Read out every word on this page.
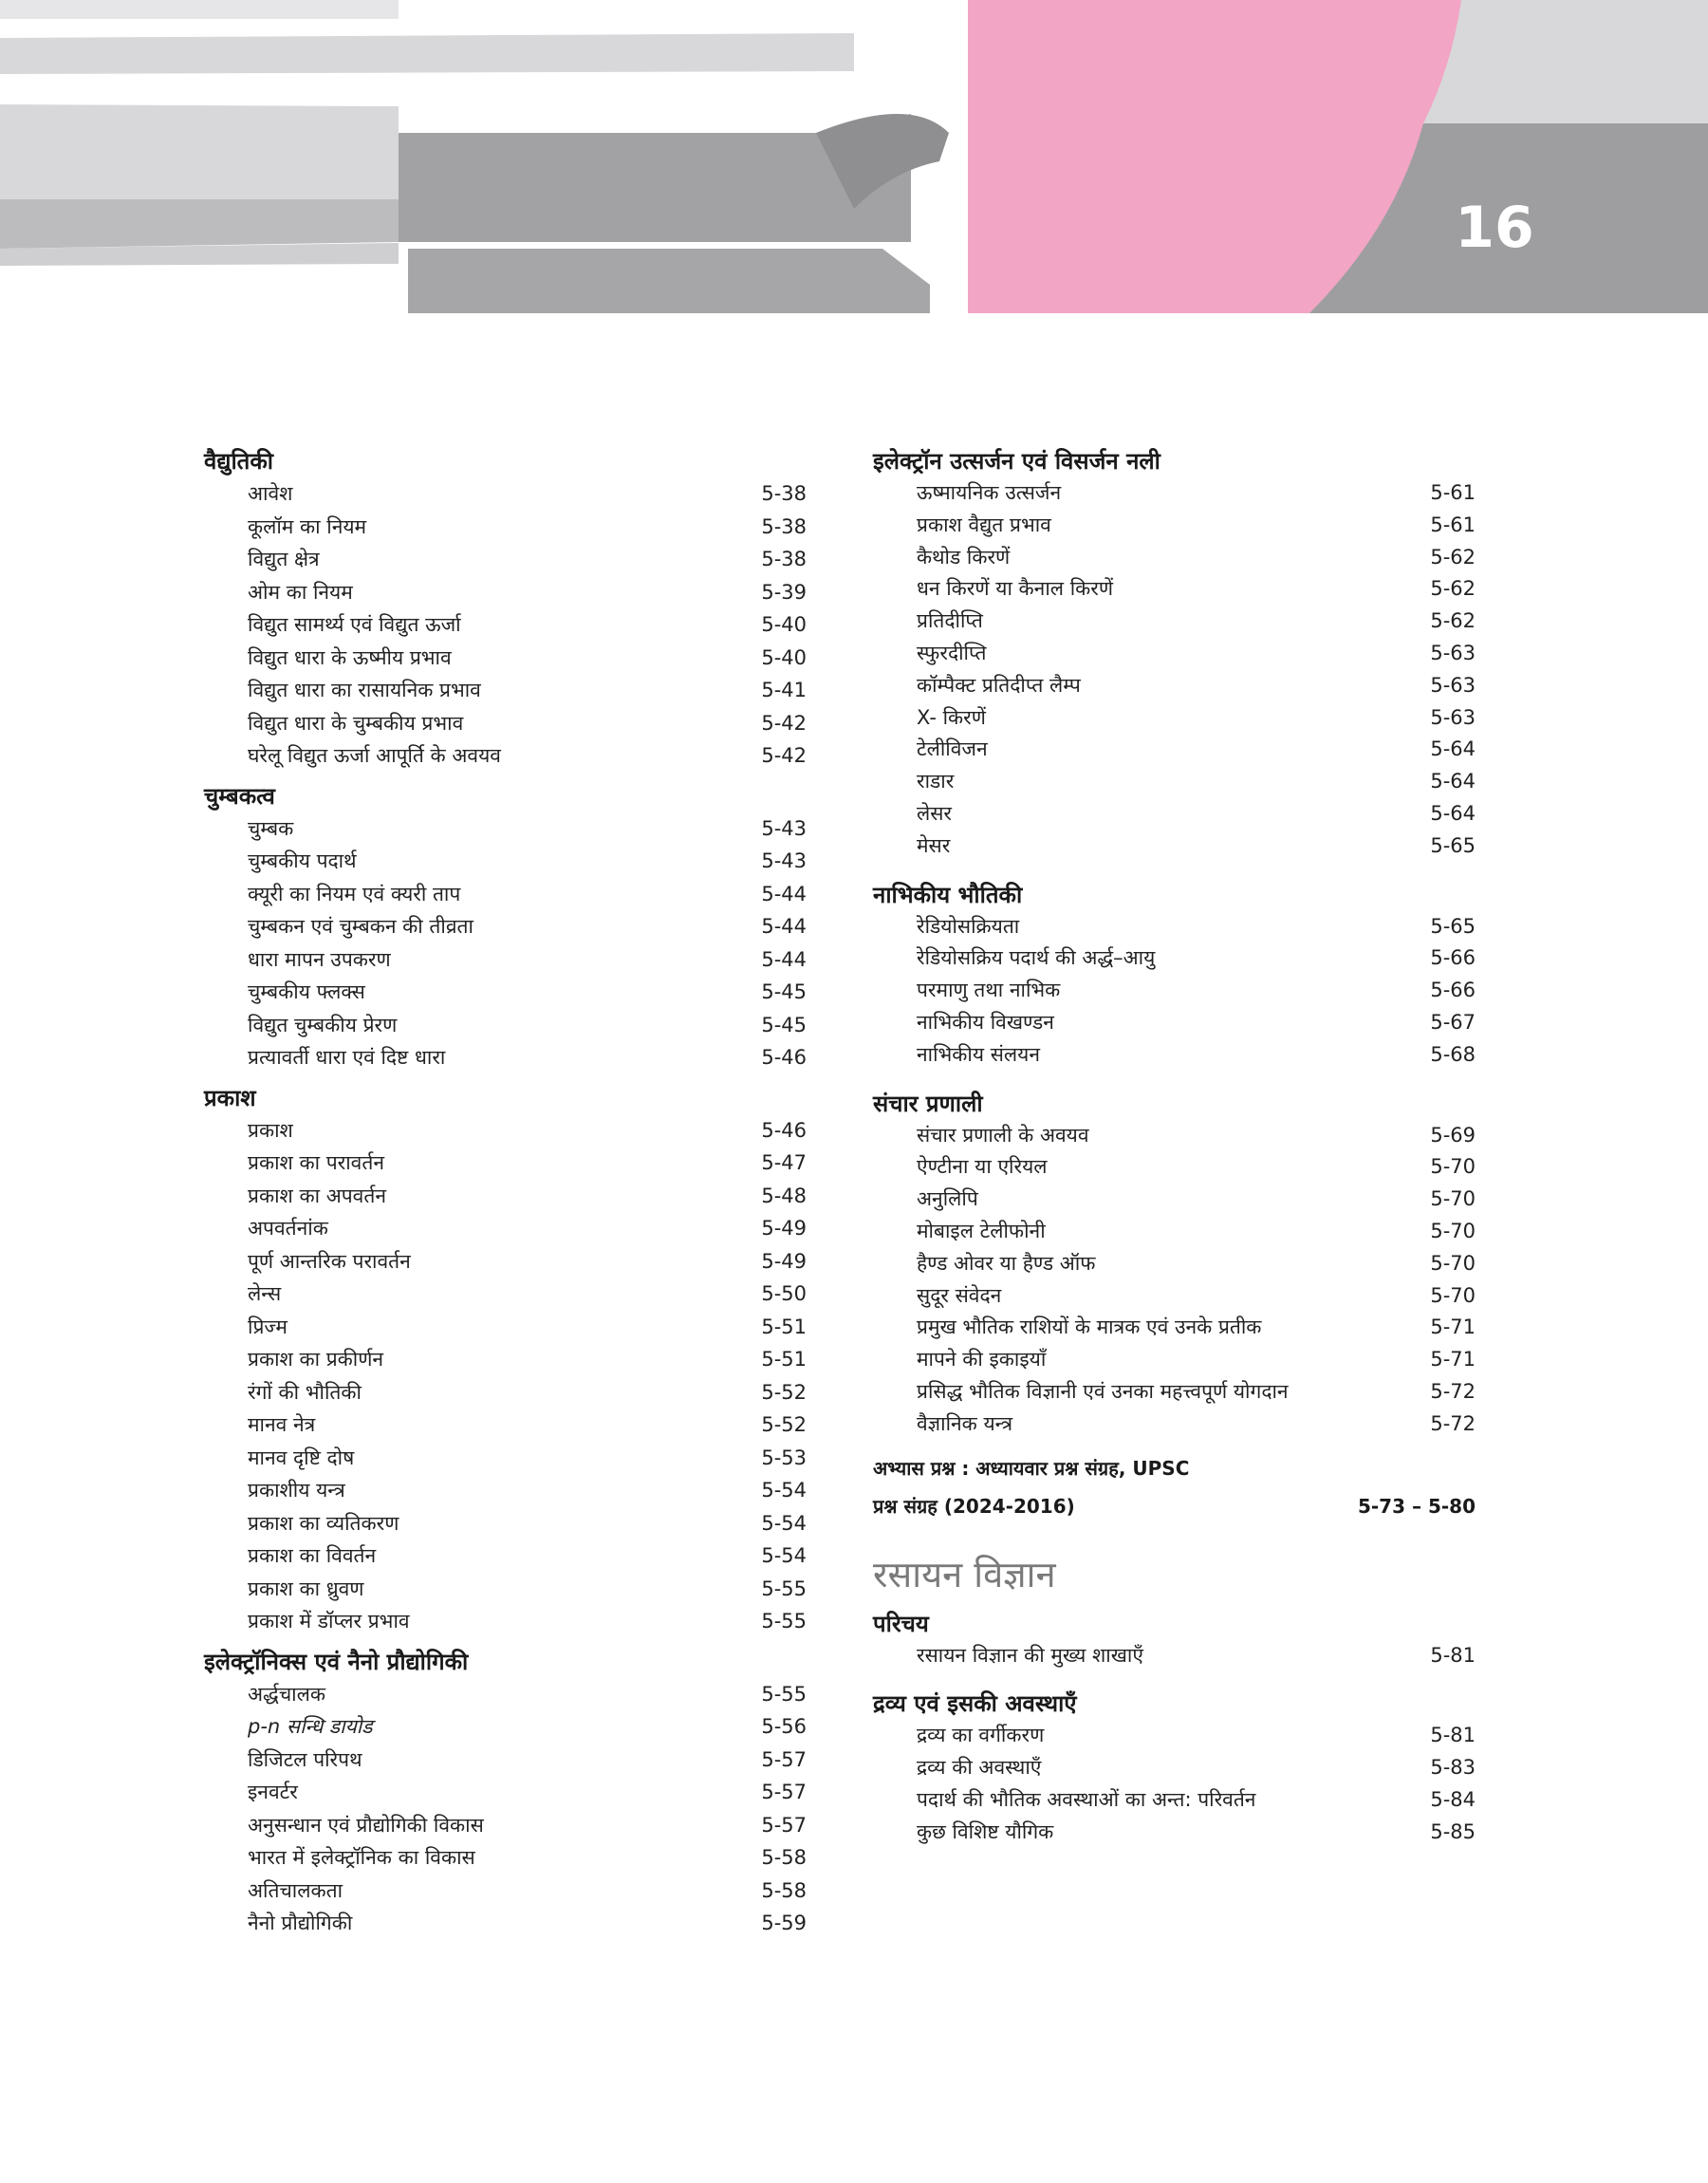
16
वैद्युतिकी
आवेश	5-38
कूलॉम का नियम	5-38
विद्युत क्षेत्र	5-38
ओम का नियम	5-39
विद्युत सामर्थ्य एवं विद्युत ऊर्जा	5-40
विद्युत धारा के ऊष्मीय प्रभाव	5-40
विद्युत धारा का रासायनिक प्रभाव	5-41
विद्युत धारा के चुम्बकीय प्रभाव	5-42
घरेलू विद्युत ऊर्जा आपूर्ति के अवयव	5-42
चुम्बकत्व
चुम्बक	5-43
चुम्बकीय पदार्थ	5-43
क्यूरी का नियम एवं क्यरी ताप	5-44
चुम्बकन एवं चुम्बकन की तीव्रता	5-44
धारा मापन उपकरण	5-44
चुम्बकीय फ्लक्स	5-45
विद्युत चुम्बकीय प्रेरण	5-45
प्रत्यावर्ती धारा एवं दिष्ट धारा	5-46
प्रकाश
प्रकाश	5-46
प्रकाश का परावर्तन	5-47
प्रकाश का अपवर्तन	5-48
अपवर्तनांक	5-49
पूर्ण आन्तरिक परावर्तन	5-49
लेन्स	5-50
प्रिज्म	5-51
प्रकाश का प्रकीर्णन	5-51
रंगों की भौतिकी	5-52
मानव नेत्र	5-52
मानव दृष्टि दोष	5-53
प्रकाशीय यन्त्र	5-54
प्रकाश का व्यतिकरण	5-54
प्रकाश का विवर्तन	5-54
प्रकाश का ध्रुवण	5-55
प्रकाश में डॉप्लर प्रभाव	5-55
इलेक्ट्रॉनिक्स एवं नैनो प्रौद्योगिकी
अर्द्धचालक	5-55
p-n सन्धि डायोड	5-56
डिजिटल परिपथ	5-57
इनवर्टर	5-57
अनुसन्धान एवं प्रौद्योगिकी विकास	5-57
भारत में इलेक्ट्रॉनिक का विकास	5-58
अतिचालकता	5-58
नैनो प्रौद्योगिकी	5-59
इलेक्ट्रॉन उत्सर्जन एवं विसर्जन नली
ऊष्मायनिक उत्सर्जन	5-61
प्रकाश वैद्युत प्रभाव	5-61
कैथोड किरणें	5-62
धन किरणें या कैनाल किरणें	5-62
प्रतिदीप्ति	5-62
स्फुरदीप्ति	5-63
कॉम्पैक्ट प्रतिदीप्त लैम्प	5-63
X- किरणें	5-63
टेलीविजन	5-64
राडार	5-64
लेसर	5-64
मेसर	5-65
नाभिकीय भौतिकी
रेडियोसक्रियता	5-65
रेडियोसक्रिय पदार्थ की अर्द्ध–आयु	5-66
परमाणु तथा नाभिक	5-66
नाभिकीय विखण्डन	5-67
नाभिकीय संलयन	5-68
संचार प्रणाली
संचार प्रणाली के अवयव	5-69
ऐण्टीना या एरियल	5-70
अनुलिपि	5-70
मोबाइल टेलीफोनी	5-70
हैण्ड ओवर या हैण्ड ऑफ	5-70
सुदूर संवेदन	5-70
प्रमुख भौतिक राशियों के मात्रक एवं उनके प्रतीक	5-71
मापने की इकाइयाँ	5-71
प्रसिद्ध भौतिक विज्ञानी एवं उनका महत्त्वपूर्ण योगदान	5-72
वैज्ञानिक यन्त्र	5-72
अभ्यास प्रश्न : अध्यायवार प्रश्न संग्रह, UPSC
प्रश्न संग्रह (2024-2016)	5-73 – 5-80
रसायन विज्ञान
परिचय
रसायन विज्ञान की मुख्य शाखाएँ	5-81
द्रव्य एवं इसकी अवस्थाएँ
द्रव्य का वर्गीकरण	5-81
द्रव्य की अवस्थाएँ	5-83
पदार्थ की भौतिक अवस्थाओं का अन्त: परिवर्तन	5-84
कुछ विशिष्ट यौगिक	5-85
